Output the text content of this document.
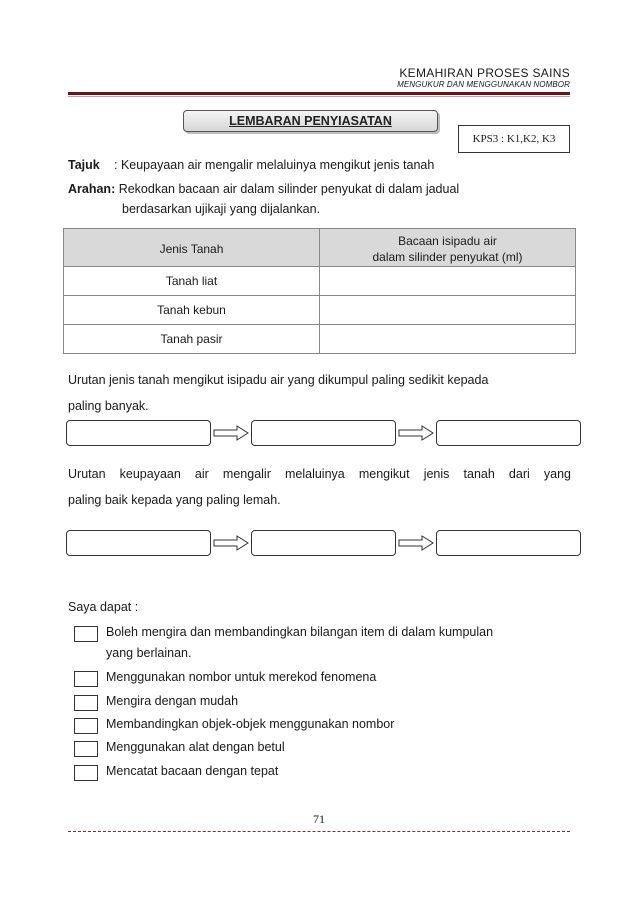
KEMAHIRAN PROSES SAINS
MENGUKUR DAN MENGGUNAKAN NOMBOR
LEMBARAN PENYIASATAN
KPS3 : K1,K2, K3
Tajuk : Keupayaan air mengalir melaluinya mengikut jenis tanah
Arahan: Rekodkan bacaan air dalam silinder penyukat di dalam jadual
berdasarkan ujikaji yang dijalankan.
Jenis Tanah	Bacaan isipadu air
dalam silinder penyukat (ml)

Tanah liat	
Tanah kebun	
Tanah pasir	
Urutan jenis tanah mengikut isipadu air yang dikumpul paling sedikit kepada
paling banyak.
Urutan keupayaan air mengalir melaluinya mengikut jenis tanah dari yang
paling baik kepada yang paling lemah.
Saya dapat :
Boleh mengira dan membandingkan bilangan item di dalam kumpulan
yang berlainan.
Menggunakan nombor untuk merekod fenomena
Mengira dengan mudah
Membandingkan objek-objek menggunakan nombor
Menggunakan alat dengan betul
Mencatat bacaan dengan tepat
71
